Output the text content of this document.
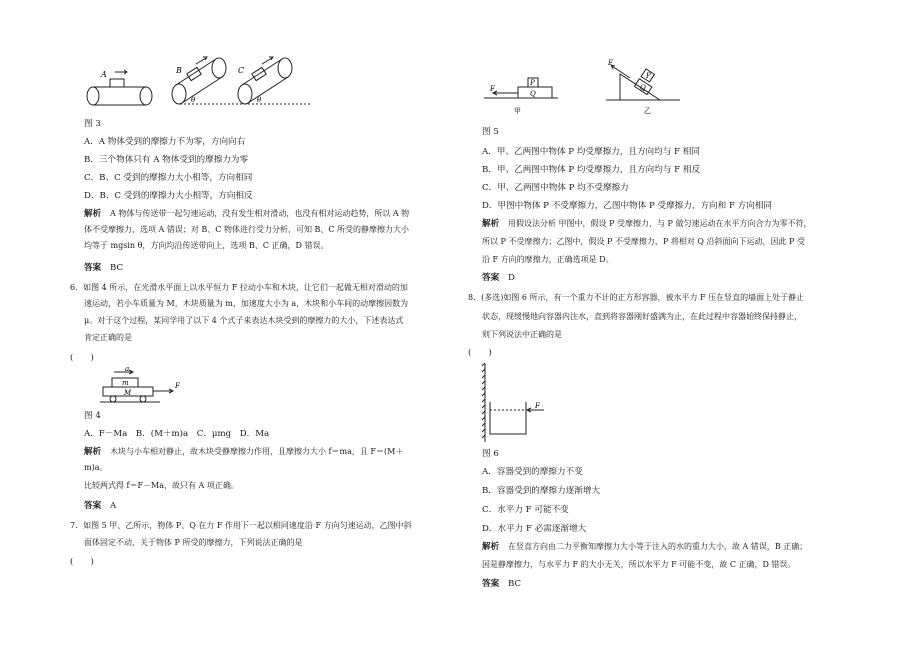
A	B	C
θ	θ
图 3
A．A 物体受到的摩擦力不为零，方向向右
B．三个物体只有 A 物体受到的摩擦力为零
C．B、C 受到的摩擦力大小相等，方向相同
D．B、C 受到的摩擦力大小相等，方向相反
解析 A 物体与传送带一起匀速运动，没有发生相对滑动，也没有相对运动趋势，所以 A 物
体不受摩擦力，选项 A 错误；对 B、C 物体进行受力分析，可知 B、C 所受的静摩擦力大小
均等于 mgsin θ，方向均沿传送带向上，选项 B、C 正确，D 错误。
答案 BC
6．如图 4 所示，在光滑水平面上以水平恒力 F 拉动小车和木块，让它们一起做无相对滑动的加
速运动，若小车质量为 M，木块质量为 m，加速度大小为 a，木块和小车间的动摩擦因数为
μ。对于这个过程，某同学用了以下 4 个式子来表达木块受到的摩擦力的大小，下述表达式
肯定正确的是
(　　)
a
m
M
F
图 4
A．F－Ma　B．(M＋m)a　C．μmg　D．Ma
解析 木块与小车相对静止，故木块受静摩擦力作用，且摩擦力大小 f＝ma，且 F＝(M＋
m)a。
比较两式得 f＝F－Ma，故只有 A 项正确。
答案 A
7．如图 5 甲、乙所示，物体 P、Q 在力 F 作用下一起以相同速度沿 F 方向匀速运动，乙图中斜
面体固定不动，关于物体 P 所受的摩擦力，下列说法正确的是
(　　)
P
Q
F
甲
P
Q
F
乙
图 5
A．甲、乙两图中物体 P 均受摩擦力，且方向均与 F 相同
B．甲、乙两图中物体 P 均受摩擦力，且方向均与 F 相反
C．甲、乙两图中物体 P 均不受摩擦力
D．甲图中物体 P 不受摩擦力，乙图中物体 P 受摩擦力，方向和 F 方向相同
解析 用假设法分析 甲图中，假设 P 受摩擦力，与 P 做匀速运动在水平方向合力为零不符，
所以 P 不受摩擦力；乙图中，假设 P 不受摩擦力，P 将相对 Q 沿斜面向下运动，因此 P 受
沿 F 方向的摩擦力，正确选项是 D。
答案 D
8．(多选)如图 6 所示，有一个重力不计的正方形容器，被水平力 F 压在竖直的墙面上处于静止
状态，现缓慢地向容器内注水，直到将容器刚好盛满为止，在此过程中容器始终保持静止，
则下列说法中正确的是
(　　)
F
图 6
A．容器受到的摩擦力不变
B．容器受到的摩擦力逐渐增大
C．水平力 F 可能不变
D．水平力 F 必需逐渐增大
解析 在竖直方向由二力平衡知摩擦力大小等于注入的水的重力大小，故 A 错误，B 正确；
因是静摩擦力，与水平力 F 的大小无关，所以水平力 F 可能不变，故 C 正确，D 错误。
答案 BC
